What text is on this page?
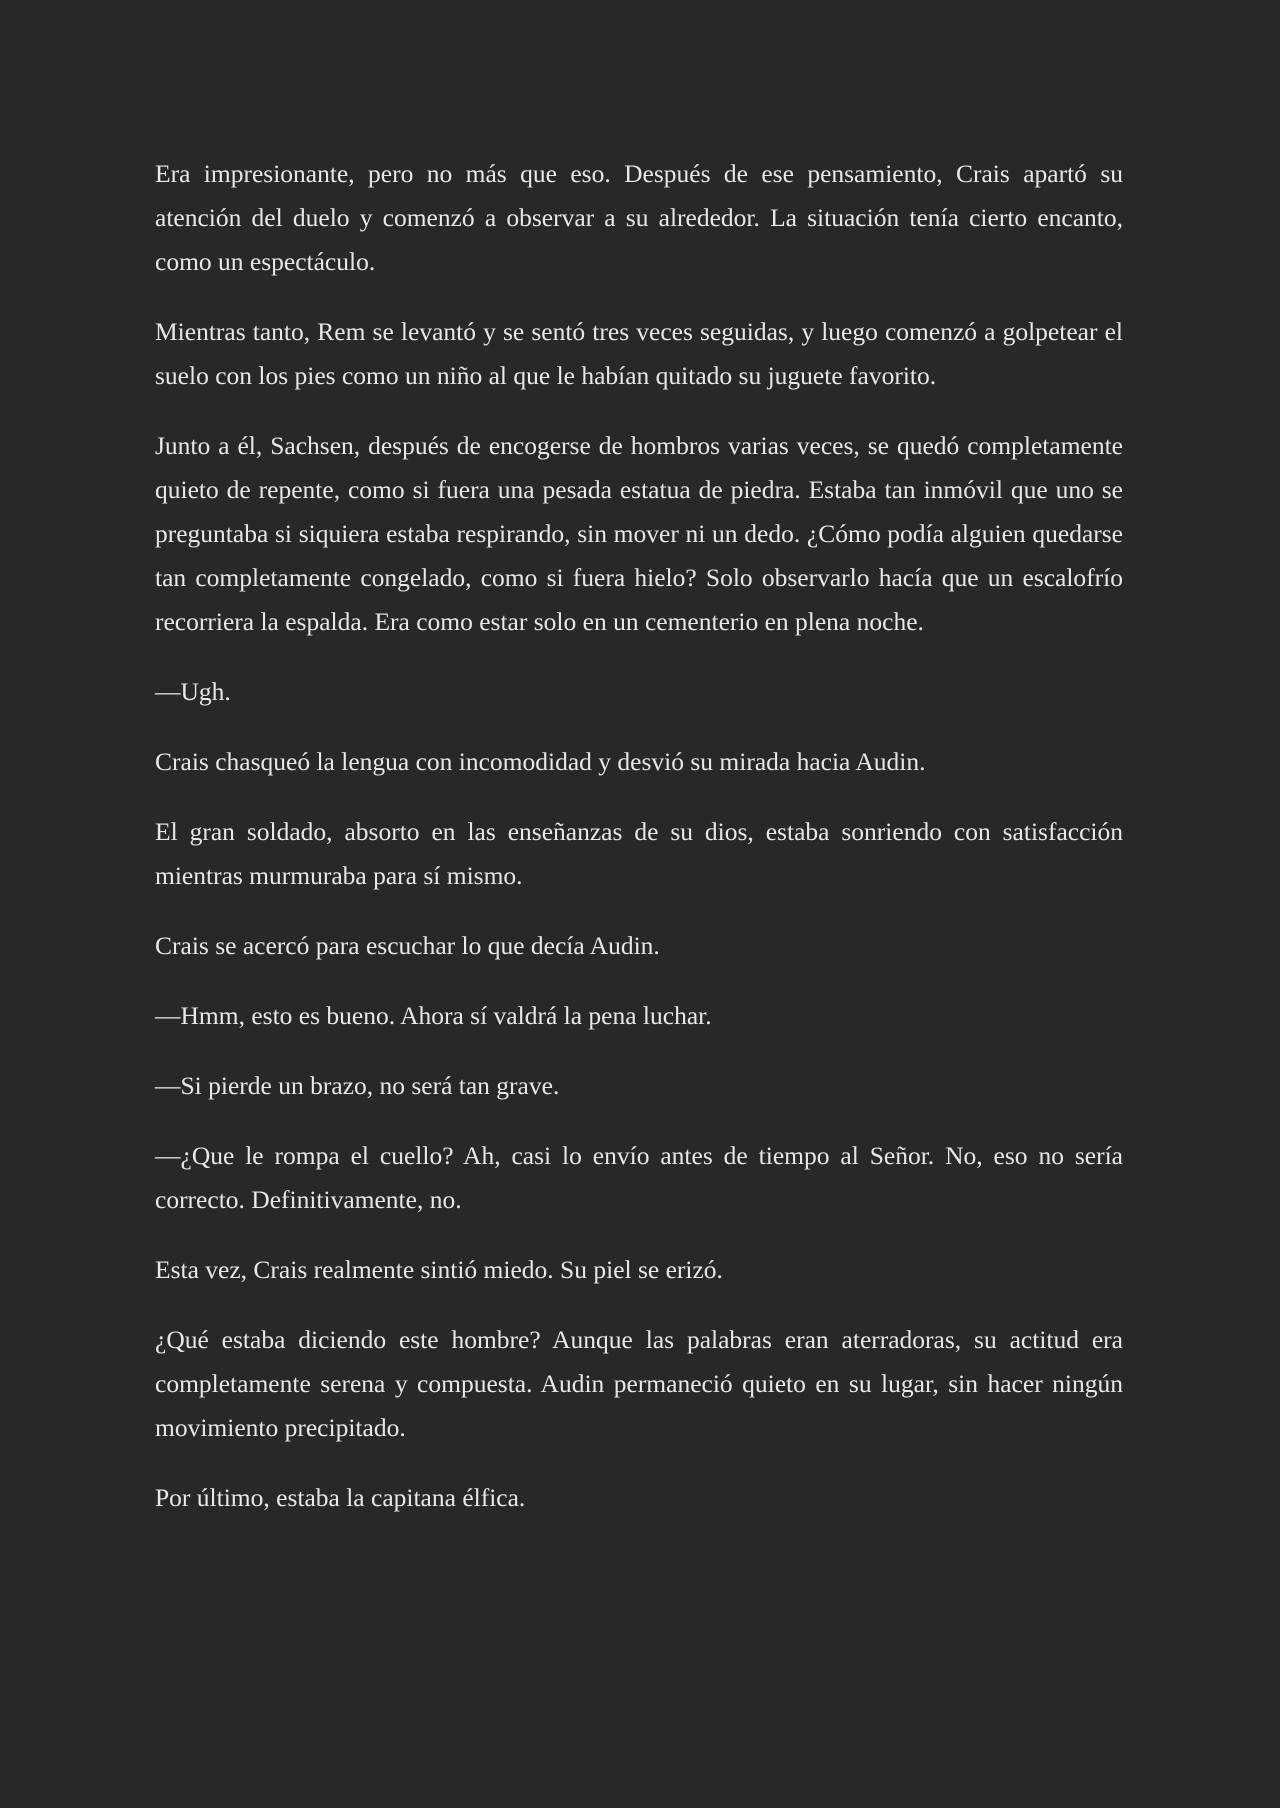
Era impresionante, pero no más que eso. Después de ese pensamiento, Crais apartó su atención del duelo y comenzó a observar a su alrededor. La situación tenía cierto encanto, como un espectáculo.

Mientras tanto, Rem se levantó y se sentó tres veces seguidas, y luego comenzó a golpetear el suelo con los pies como un niño al que le habían quitado su juguete favorito.

Junto a él, Sachsen, después de encogerse de hombros varias veces, se quedó completamente quieto de repente, como si fuera una pesada estatua de piedra. Estaba tan inmóvil que uno se preguntaba si siquiera estaba respirando, sin mover ni un dedo. ¿Cómo podía alguien quedarse tan completamente congelado, como si fuera hielo? Solo observarlo hacía que un escalofrío recorriera la espalda. Era como estar solo en un cementerio en plena noche.

—Ugh.

Crais chasqueó la lengua con incomodidad y desvió su mirada hacia Audin.

El gran soldado, absorto en las enseñanzas de su dios, estaba sonriendo con satisfacción mientras murmuraba para sí mismo.

Crais se acercó para escuchar lo que decía Audin.

—Hmm, esto es bueno. Ahora sí valdrá la pena luchar.

—Si pierde un brazo, no será tan grave.

—¿Que le rompa el cuello? Ah, casi lo envío antes de tiempo al Señor. No, eso no sería correcto. Definitivamente, no.

Esta vez, Crais realmente sintió miedo. Su piel se erizó.

¿Qué estaba diciendo este hombre? Aunque las palabras eran aterradoras, su actitud era completamente serena y compuesta. Audin permaneció quieto en su lugar, sin hacer ningún movimiento precipitado.

Por último, estaba la capitana élfica.
